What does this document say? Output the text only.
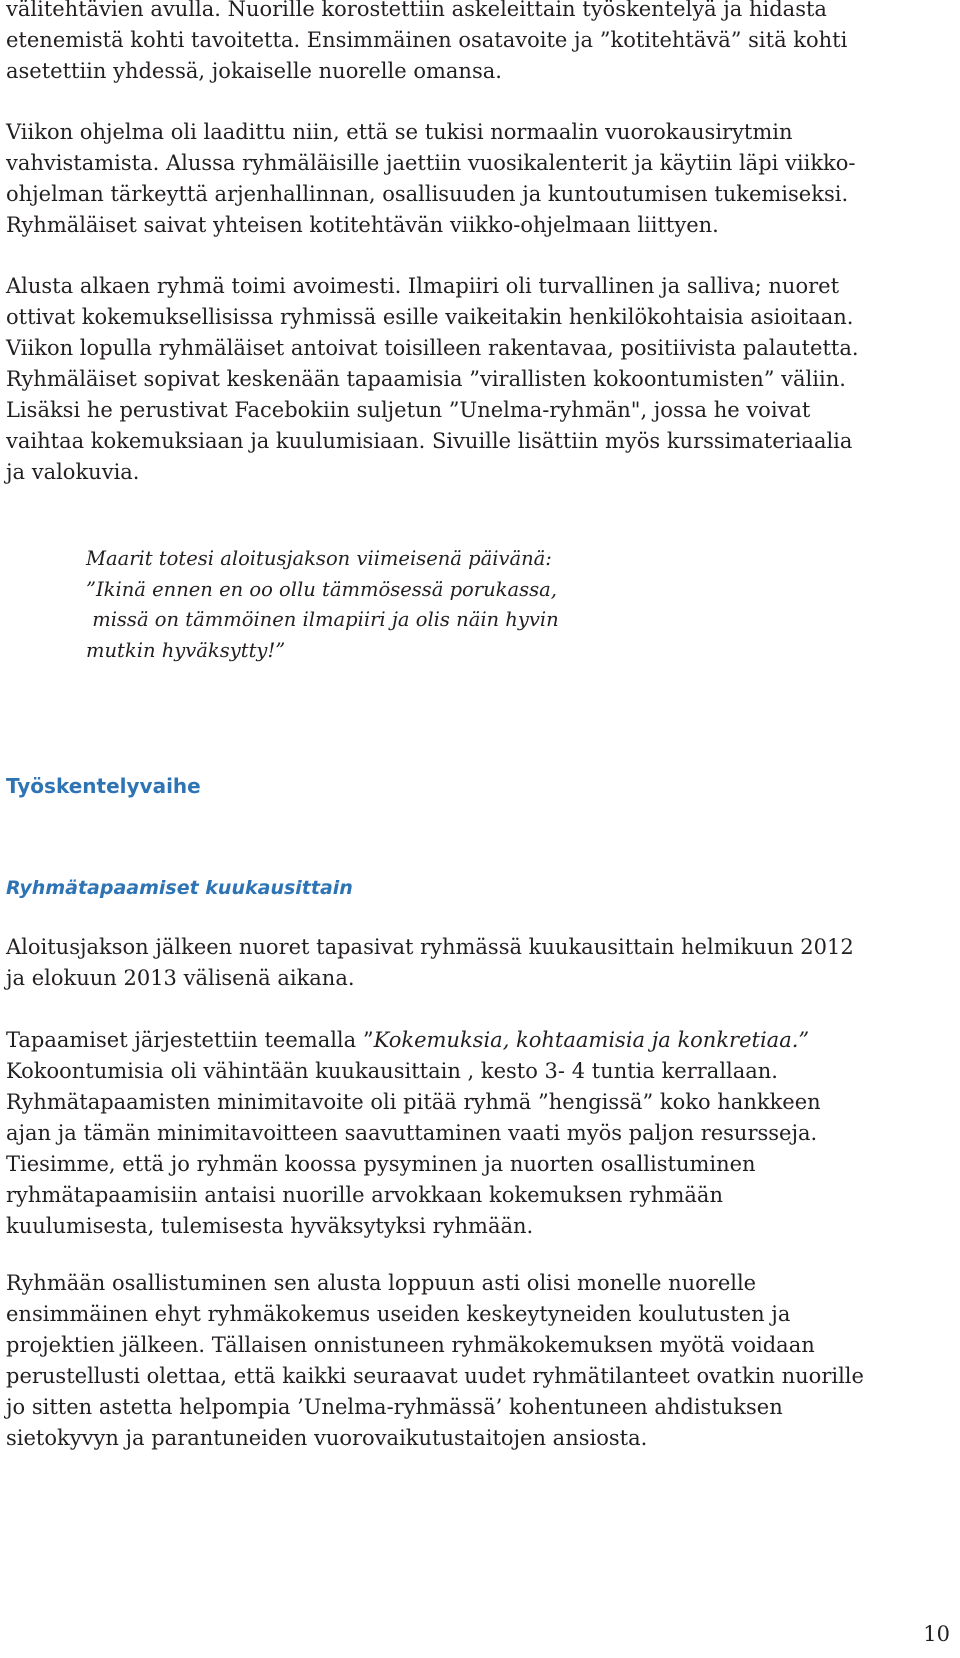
välitehtävien avulla. Nuorille korostettiin askeleittain työskentelyä ja hidasta
etenemistä kohti tavoitetta. Ensimmäinen osatavoite ja ”kotitehtävä” sitä kohti
asetettiin yhdessä, jokaiselle nuorelle omansa.

Viikon ohjelma oli laadittu niin, että se tukisi normaalin vuorokausirytmin
vahvistamista. Alussa ryhmäläisille jaettiin vuosikalenterit ja käytiin läpi viikko-
ohjelman tärkeyttä arjenhallinnan, osallisuuden ja kuntoutumisen tukemiseksi.
Ryhmäläiset saivat yhteisen kotitehtävän viikko-ohjelmaan liittyen.

Alusta alkaen ryhmä toimi avoimesti. Ilmapiiri oli turvallinen ja salliva; nuoret
ottivat kokemuksellisissa ryhmissä esille vaikeitakin henkilökohtaisia asioitaan.
Viikon lopulla ryhmäläiset antoivat toisilleen rakentavaa, positiivista palautetta.
Ryhmäläiset sopivat keskenään tapaamisia ”virallisten kokoontumisten” väliin.
Lisäksi he perustivat Facebokiin suljetun ”Unelma-ryhmän", jossa he voivat
vaihtaa kokemuksiaan ja kuulumisiaan. Sivuille lisättiin myös kurssimateriaalia
ja valokuvia.

Maarit totesi aloitusjakson viimeisenä päivänä:
”Ikinä ennen en oo ollu tämmösessä porukassa,
missä on tämmöinen ilmapiiri ja olis näin hyvin
mutkin hyväksytty!”

Työskentelyvaihe
Ryhmätapaamiset kuukausittain

Aloitusjakson jälkeen nuoret tapasivat ryhmässä kuukausittain helmikuun 2012
ja elokuun 2013 välisenä aikana.

Tapaamiset järjestettiin teemalla ”Kokemuksia, kohtaamisia ja konkretiaa.”
Kokoontumisia oli vähintään kuukausittain , kesto 3- 4 tuntia kerrallaan.
Ryhmätapaamisten minimitavoite oli pitää ryhmä ”hengissä” koko hankkeen
ajan ja tämän minimitavoitteen saavuttaminen vaati myös paljon resursseja.
Tiesimme, että jo ryhmän koossa pysyminen ja nuorten osallistuminen
ryhmätapaamisiin antaisi nuorille arvokkaan kokemuksen ryhmään
kuulumisesta, tulemisesta hyväksytyksi ryhmään.

Ryhmään osallistuminen sen alusta loppuun asti olisi monelle nuorelle
ensimmäinen ehyt ryhmäkokemus useiden keskeytyneiden koulutusten ja
projektien jälkeen. Tällaisen onnistuneen ryhmäkokemuksen myötä voidaan
perustellusti olettaa, että kaikki seuraavat uudet ryhmätilanteet ovatkin nuorille
jo sitten astetta helpompia ’Unelma-ryhmässä’ kohentuneen ahdistuksen
sietokyvyn ja parantuneiden vuorovaikutustaitojen ansiosta.

10
